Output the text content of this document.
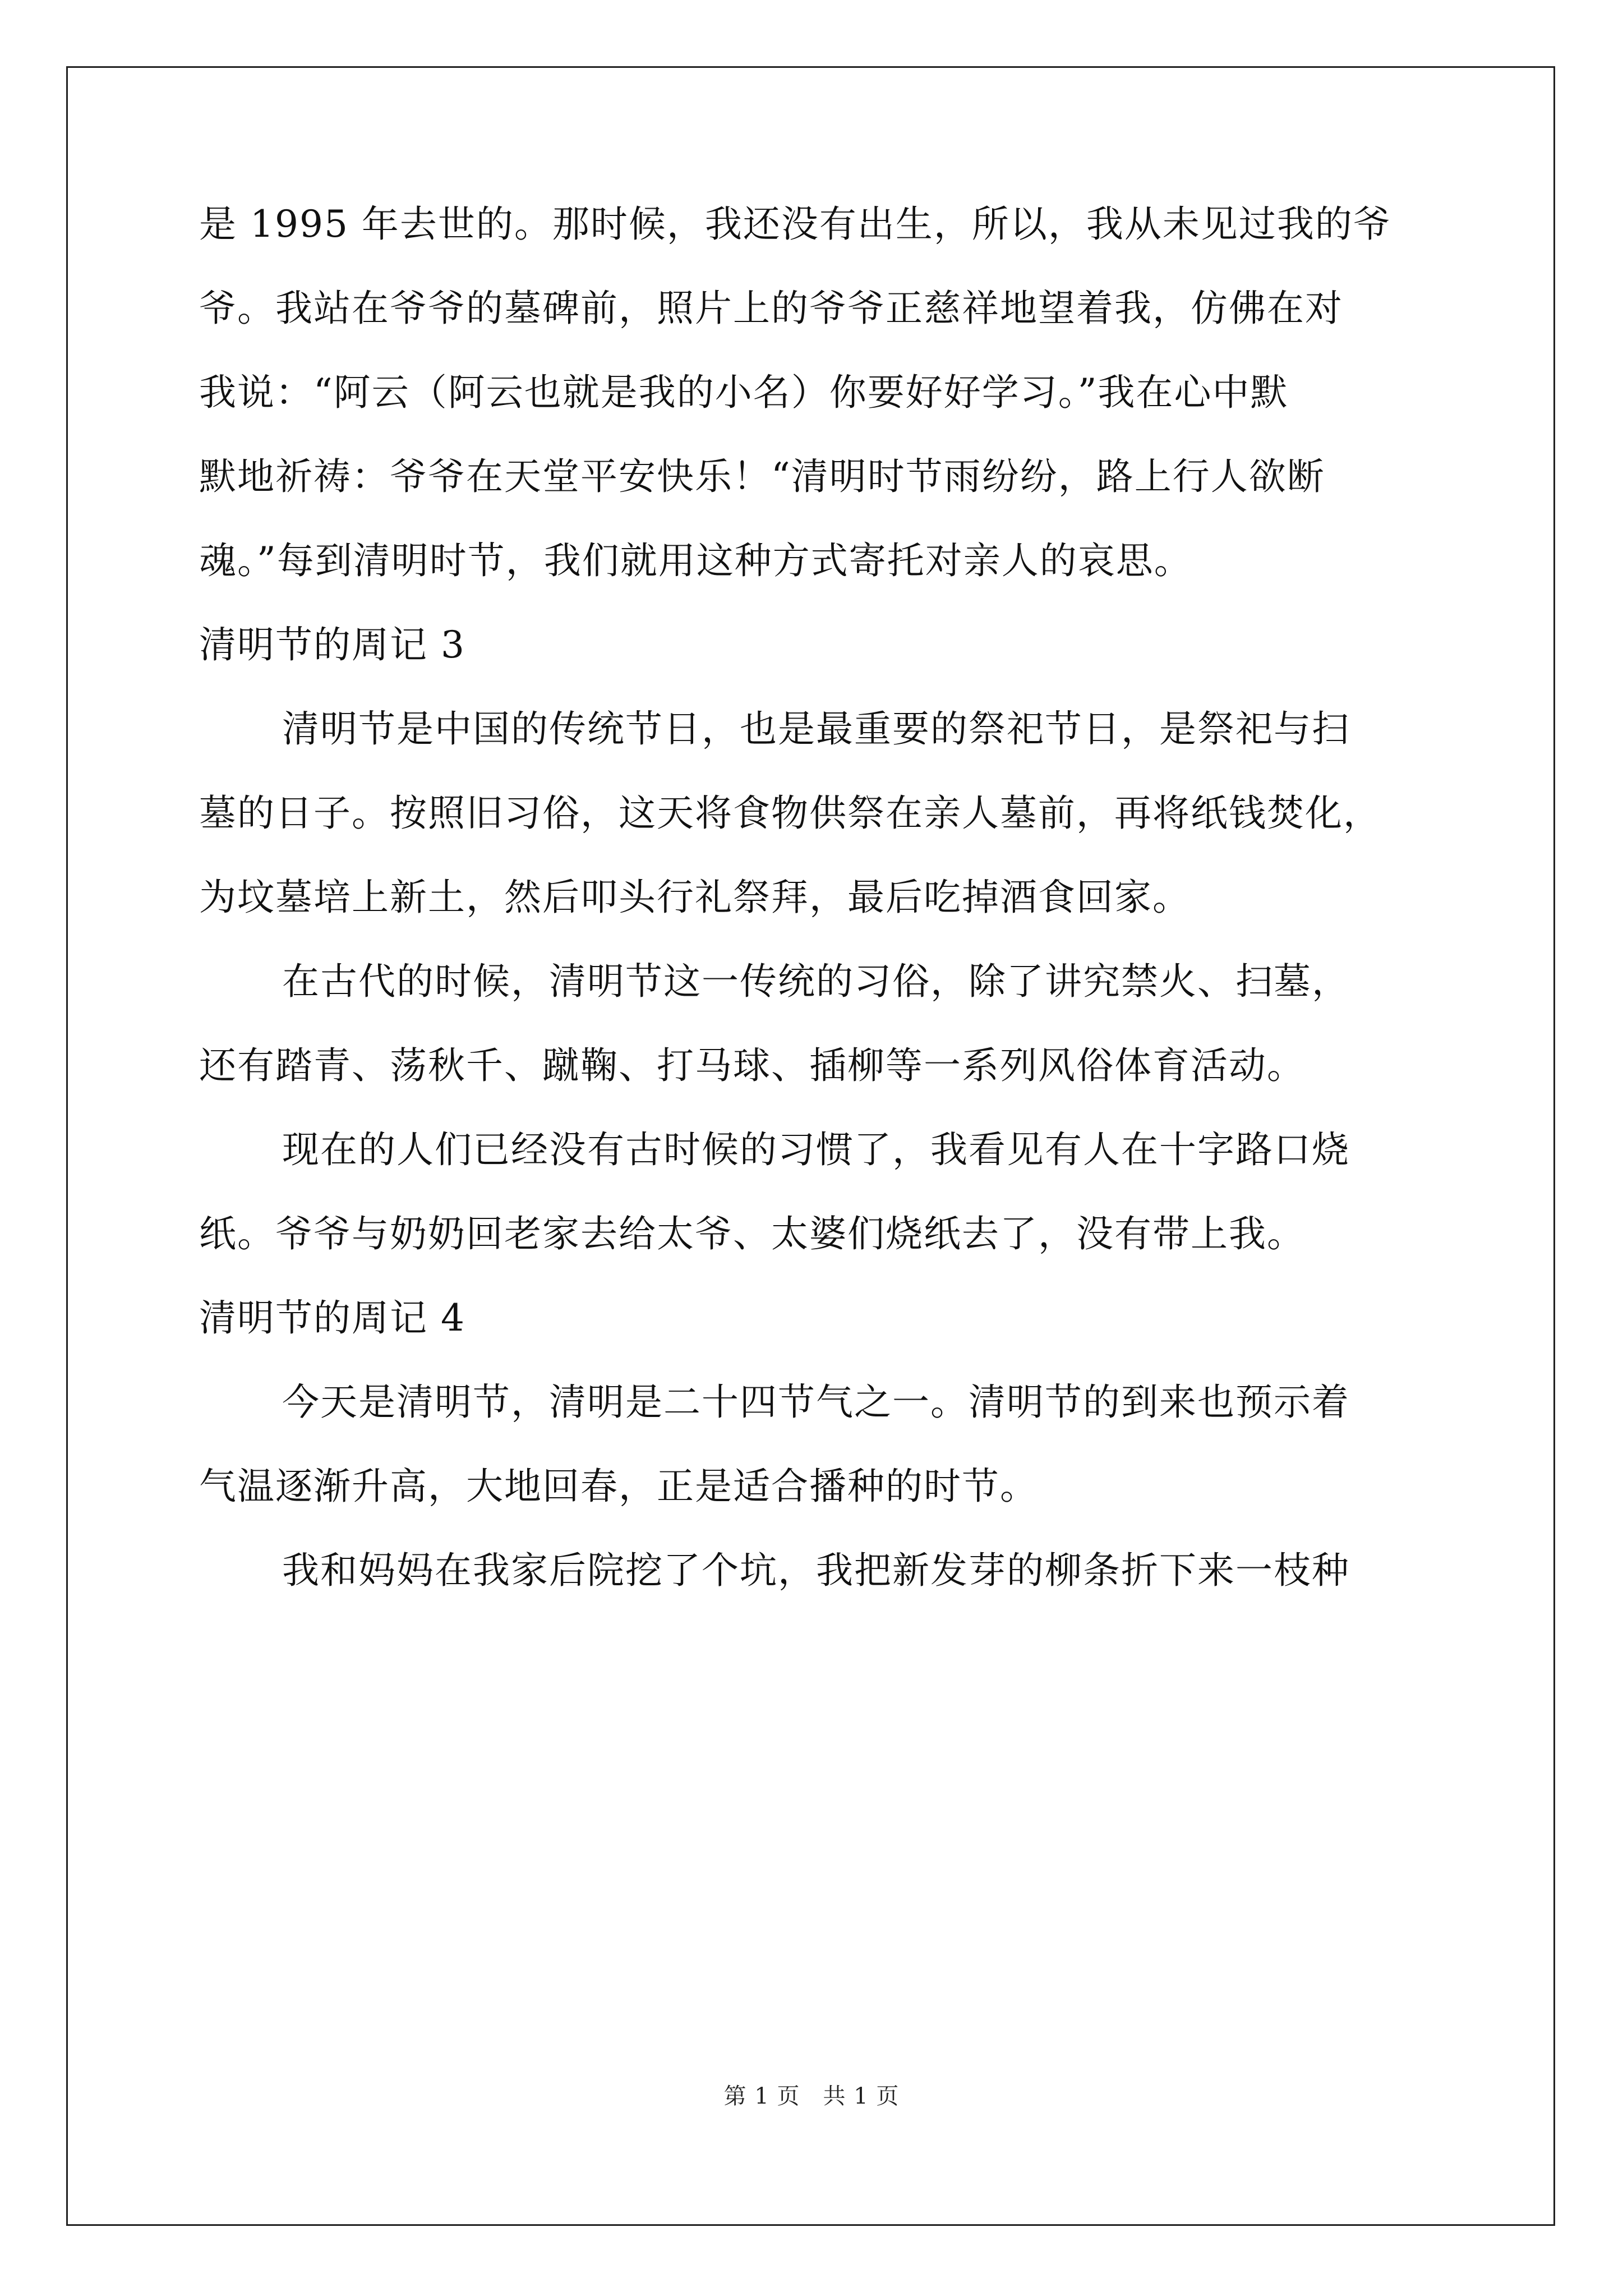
是 1995 年去世的。那时候，我还没有出生，所以，我从未见过我的爷
爷。我站在爷爷的墓碑前，照片上的爷爷正慈祥地望着我，仿佛在对
我说：“阿云（阿云也就是我的小名）你要好好学习。”我在心中默
默地祈祷：爷爷在天堂平安快乐！“清明时节雨纷纷，路上行人欲断
魂。”每到清明时节，我们就用这种方式寄托对亲人的哀思。
清明节的周记 3
清明节是中国的传统节日，也是最重要的祭祀节日，是祭祀与扫
墓的日子。按照旧习俗，这天将食物供祭在亲人墓前，再将纸钱焚化，
为坟墓培上新土，然后叩头行礼祭拜，最后吃掉酒食回家。
在古代的时候，清明节这一传统的习俗，除了讲究禁火、扫墓，
还有踏青、荡秋千、蹴鞠、打马球、插柳等一系列风俗体育活动。
现在的人们已经没有古时候的习惯了，我看见有人在十字路口烧
纸。爷爷与奶奶回老家去给太爷、太婆们烧纸去了，没有带上我。
清明节的周记 4
今天是清明节，清明是二十四节气之一。清明节的到来也预示着
气温逐渐升高，大地回春，正是适合播种的时节。
我和妈妈在我家后院挖了个坑，我把新发芽的柳条折下来一枝种
第 1 页　共 1 页
